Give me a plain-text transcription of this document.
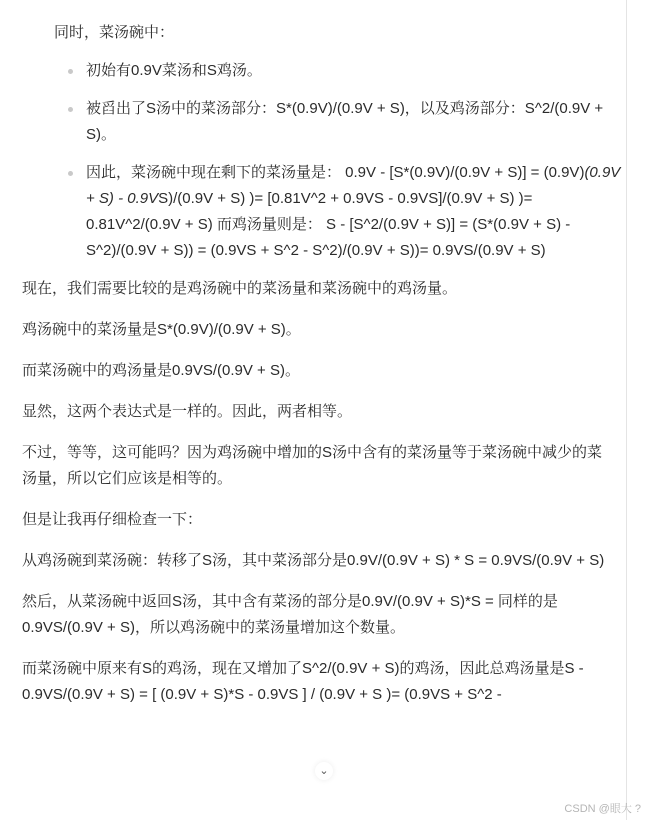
同时，菜汤碗中：
初始有0.9V菜汤和S鸡汤。
被舀出了S汤中的菜汤部分：S*(0.9V)/(0.9V + S)，以及鸡汤部分：S^2/(0.9V + S)。
因此，菜汤碗中现在剩下的菜汤量是： 0.9V - [S*(0.9V)/(0.9V + S)] = (0.9V)(0.9V + S) - 0.9VS)/(0.9V + S) )= [0.81V^2 + 0.9VS - 0.9VS]/(0.9V + S) )= 0.81V^2/(0.9V + S) 而鸡汤量则是： S - [S^2/(0.9V + S)] = (S*(0.9V + S) - S^2)/(0.9V + S)) = (0.9VS + S^2 - S^2)/(0.9V + S))= 0.9VS/(0.9V + S)

现在，我们需要比较的是鸡汤碗中的菜汤量和菜汤碗中的鸡汤量。

鸡汤碗中的菜汤量是S*(0.9V)/(0.9V + S)。

而菜汤碗中的鸡汤量是0.9VS/(0.9V + S)。

显然，这两个表达式是一样的。因此，两者相等。

不过，等等，这可能吗？因为鸡汤碗中增加的S汤中含有的菜汤量等于菜汤碗中减少的菜汤量，所以它们应该是相等的。

但是让我再仔细检查一下：

从鸡汤碗到菜汤碗：转移了S汤，其中菜汤部分是0.9V/(0.9V + S) * S = 0.9VS/(0.9V + S)

然后，从菜汤碗中返回S汤，其中含有菜汤的部分是0.9V/(0.9V + S)*S = 同样的是0.9VS/(0.9V + S)，所以鸡汤碗中的菜汤量增加这个数量。

而菜汤碗中原来有S的鸡汤，现在又增加了S^2/(0.9V + S)的鸡汤，因此总鸡汤量是S - 0.9VS/(0.9V + S) = [ (0.9V + S)*S - 0.9VS ] / (0.9V + S )= (0.9VS + S^2 -

⌄
CSDN @眼大 ?
